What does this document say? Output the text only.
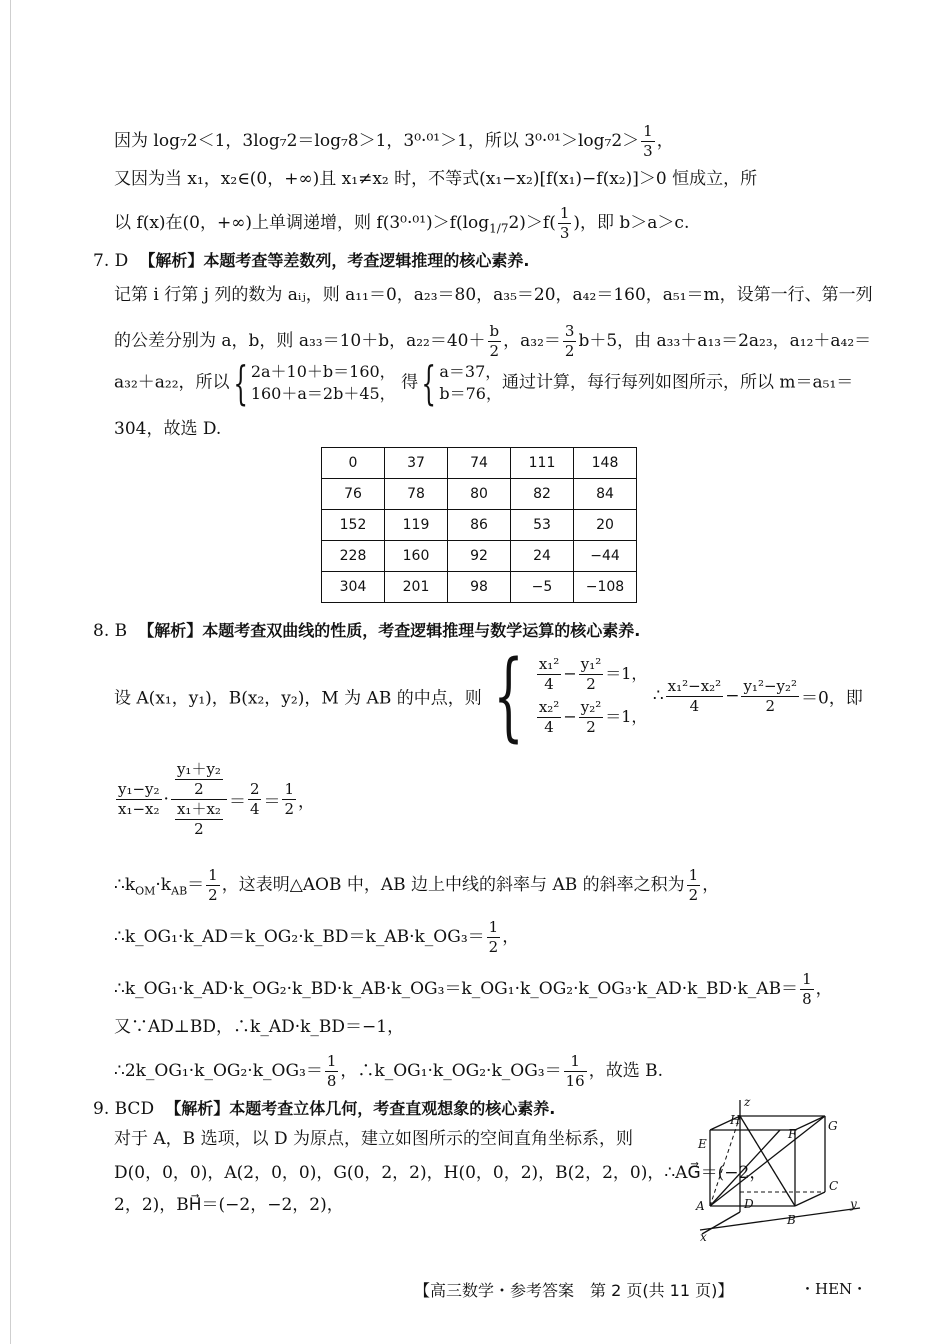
因为 log₇2＜1，3log₇2＝log₇8＞1，3⁰·⁰¹＞1，所以 $3^0\cdot^{01}>\log_72> \frac{1}{3}$ ，
又因为当 x₁，x₂∈(0，+∞)且 x₁≠x₂ 时，不等式(x₁−x₂)[f(x₁)−f(x₂)]＞0 恒成立，所
以 f(x)在(0，+∞)上单调递增，则 $f(3^0\cdot^{01})>f(\log_{1/7}2)>f( \frac{1}{3}$ )，即 b＞a＞c.
7. D 【解析】本题考查等差数列，考查逻辑推理的核心素养.
记第 i 行第 j 列的数为 aᵢⱼ，则 a₁₁＝0，a₂₃＝80，a₃₅＝20，a₄₂＝160，a₅₁＝m，设第一行、第一列
的公差分别为 a，b，则 a₃₃＝10＋b，$a_{22}=40+ \frac{b}{2}$ ，$a_{32}= \frac{3}{2} b+5$，由 a₃₃＋a₁₃＝2a₂₃，a₁₂＋a₄₂＝
a₃₂＋a₂₂，所以{ 2a＋10＋b＝160，
160＋a＝2b＋45， 得{ a＝37，
b＝76，通过计算，每行每列如图所示，所以 m＝a₅₁＝
304，故选 D.
0	37	74	111	148
76	78	80	82	84
152	119	86	53	20
228	160	92	24	−44
304	201	98	−5	−108
8. B 【解析】本题考查双曲线的性质，考查逻辑推理与数学运算的核心素养.
设 A(x₁，y₁)，B(x₂，y₂)，M 为 AB 的中点，则 { $\frac{\text{x₁²}}{4} - \frac{\text{y₁²}}{2} =1$，
$\frac{\text{x₂²}}{4} - \frac{\text{y₂²}}{2} =1$，
∴ $\frac{\text{x₁²−x₂²}}{4} - \frac{\text{y₁²−y₂²}}{2} =0$，即
$\frac{\text{y₁−y₂}}{\text{x₁−x₂}} \cdot \frac{\frac{\text{y₁＋y₂}}{2}}{\frac{\text{x₁＋x₂}}{2}} = \frac{2}{4} = \frac{1}{2}$ ，
$\therefore k_{OM}\cdot k_{AB}= \frac{1}{2}$ ，这表明△AOB 中，AB 边上中线的斜率与 AB 的斜率之积为 $\frac{1}{2}$ ，
∴k_OG₁·k_AD＝k_OG₂·k_BD＝k_AB·k_OG₃＝ $\frac{1}{2}$ ，
∴k_OG₁·k_AD·k_OG₂·k_BD·k_AB·k_OG₃＝k_OG₁·k_OG₂·k_OG₃·k_AD·k_BD·k_AB＝ $\frac{1}{8}$ ，
又∵AD⊥BD，∴k_AD·k_BD＝−1，
∴2k_OG₁·k_OG₂·k_OG₃＝ $\frac{1}{8}$ ，∴k_OG₁·k_OG₂·k_OG₃＝ $\frac{1}{16}$ ，故选 B.
9. BCD 【解析】本题考查立体几何，考查直观想象的核心素养.
对于 A，B 选项，以 D 为原点，建立如图所示的空间直角坐标系，则
D(0，0，0)，A(2，0，0)，G(0，2，2)，H(0，0，2)，B(2，2，0)，∴AG⃗＝(−2，
2，2)，BH⃗＝(−2，−2，2)，
H
z
F
G
E
C
A	D	y
B
x
【高三数学・参考答案　第 2 页(共 11 页)】	・HEN・
